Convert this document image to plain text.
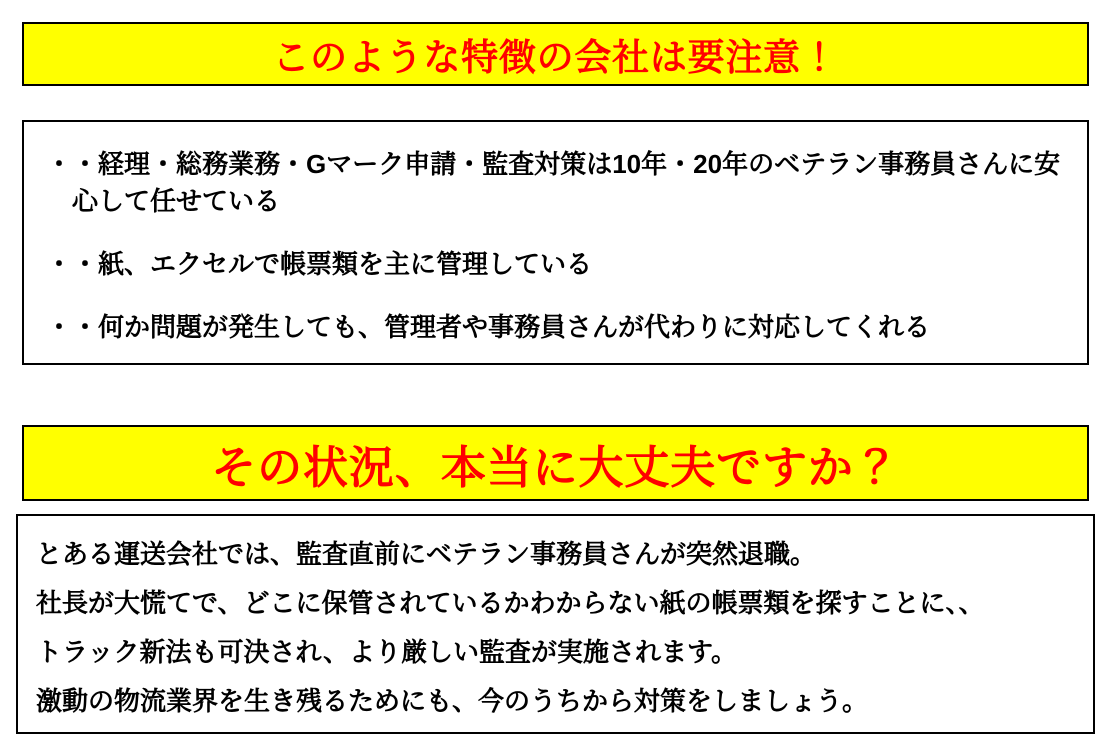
このような特徴の会社は要注意！
・ ・経理・総務業務・Gマーク申請・監査対策は10年・20年のベテラン事務員さんに安心して任せている
・ ・紙、エクセルで帳票類を主に管理している
・ ・何か問題が発生しても、管理者や事務員さんが代わりに対応してくれる
その状況、本当に大丈夫ですか？
とある運送会社では、監査直前にベテラン事務員さんが突然退職。
社長が大慌てで、どこに保管されているかわからない紙の帳票類を探すことに、、
トラック新法も可決され、より厳しい監査が実施されます。
激動の物流業界を生き残るためにも、今のうちから対策をしましょう。
